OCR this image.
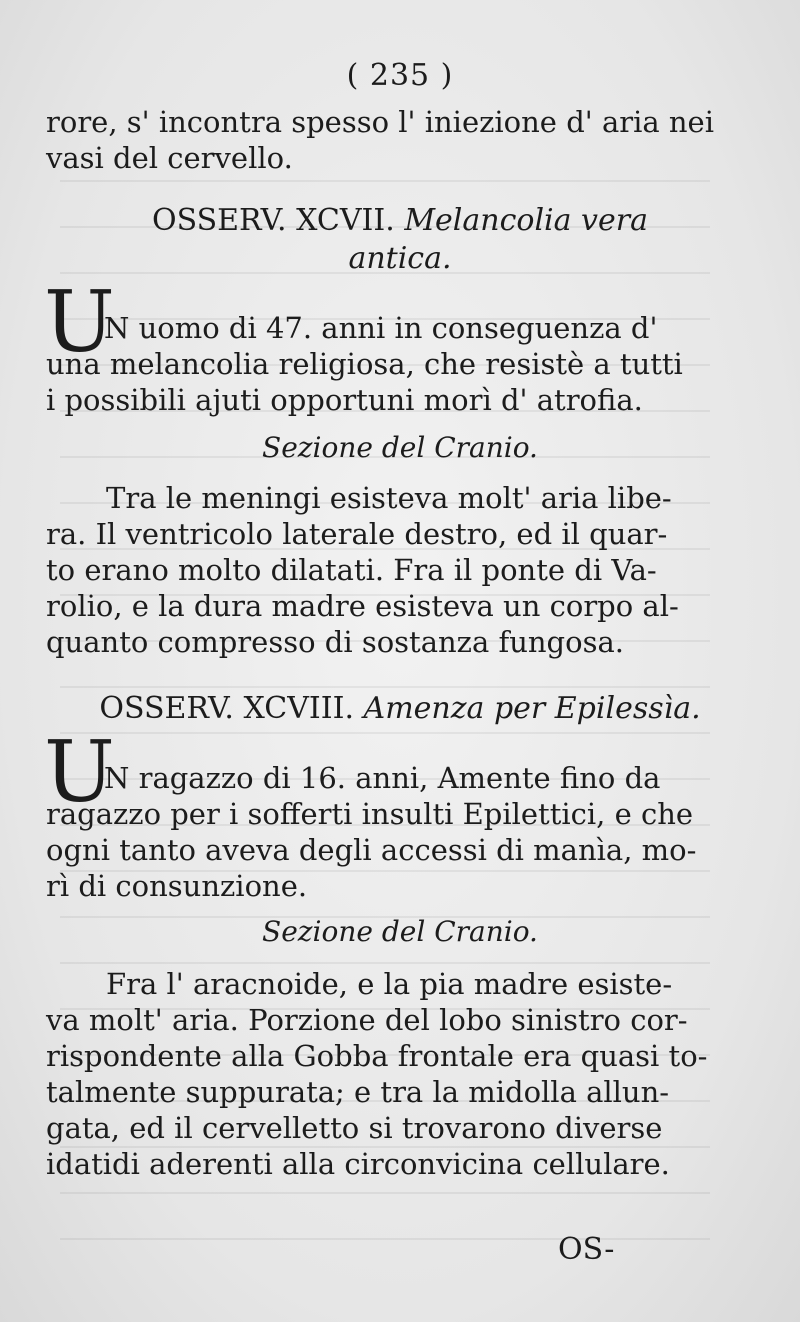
( 235 )
rore, s' incontra spesso l' iniezione d' aria nei
vasi del cervello.
OSSERV. XCVII. Melancolia vera
antica.
U
N uomo di 47. anni in conseguenza d'
una melancolia religiosa, che resistè a tutti
i possibili ajuti opportuni morì d' atrofia.
Sezione del Cranio.
Tra le meningi esisteva molt' aria libe-
ra. Il ventricolo laterale destro, ed il quar-
to erano molto dilatati. Fra il ponte di Va-
rolio, e la dura madre esisteva un corpo al-
quanto compresso di sostanza fungosa.
OSSERV. XCVIII. Amenza per Epilessìa.
U
N ragazzo di 16. anni, Amente fino da
ragazzo per i sofferti insulti Epilettici, e che
ogni tanto aveva degli accessi di manìa, mo-
rì di consunzione.
Sezione del Cranio.
Fra l' aracnoide, e la pia madre esiste-
va molt' aria. Porzione del lobo sinistro cor-
rispondente alla Gobba frontale era quasi to-
talmente suppurata; e tra la midolla allun-
gata, ed il cervelletto si trovarono diverse
idatidi aderenti alla circonvicina cellulare.
OS-
